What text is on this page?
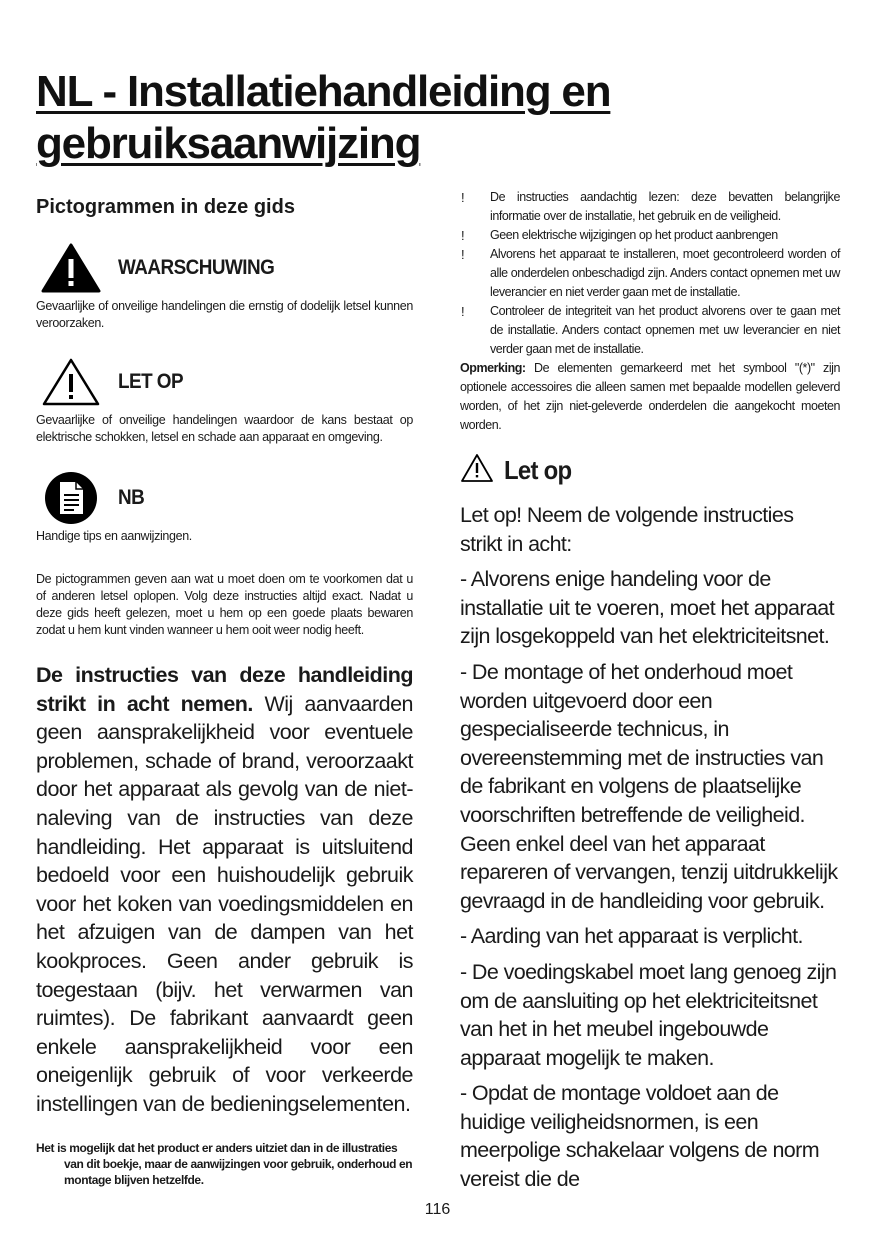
NL - Installatiehandleiding en gebruiksaanwijzing
Pictogrammen in deze gids
WAARSCHUWING

Gevaarlijke of onveilige handelingen die ernstig of dodelijk letsel kunnen veroorzaken.

LET OP

Gevaarlijke of onveilige handelingen waardoor de kans bestaat op elektrische schokken, letsel en schade aan apparaat en omgeving.

NB

Handige tips en aanwijzingen.

De pictogrammen geven aan wat u moet doen om te voorkomen dat u of anderen letsel oplopen. Volg deze instructies altijd exact. Nadat u deze gids heeft gelezen, moet u hem op een goede plaats bewaren zodat u hem kunt vinden wanneer u hem ooit weer nodig heeft.

De instructies van deze handleiding strikt in acht nemen. Wij aanvaarden geen aansprakelijkheid voor eventuele problemen, schade of brand, veroorzaakt door het apparaat als gevolg van de niet-naleving van de instructies van deze handleiding. Het apparaat is uitsluitend bedoeld voor een huishoudelijk gebruik voor het koken van voedingsmiddelen en het afzuigen van de dampen van het kookproces. Geen ander gebruik is toegestaan (bijv. het verwarmen van ruimtes). De fabrikant aanvaardt geen enkele aansprakelijkheid voor een oneigenlijk gebruik of voor verkeerde instellingen van de bedieningselementen.

Het is mogelijk dat het product er anders uitziet dan in de illustraties van dit boekje, maar de aanwijzingen voor gebruik, onderhoud en montage blijven hetzelfde.

! De instructies aandachtig lezen: deze bevatten belangrijke informatie over de installatie, het gebruik en de veiligheid.
! Geen elektrische wijzigingen op het product aanbrengen
! Alvorens het apparaat te installeren, moet gecontroleerd worden of alle onderdelen onbeschadigd zijn. Anders contact opnemen met uw leverancier en niet verder gaan met de installatie.
! Controleer de integriteit van het product alvorens over te gaan met de installatie. Anders contact opnemen met uw leverancier en niet verder gaan met de installatie.

Opmerking: De elementen gemarkeerd met het symbool "(*)" zijn optionele accessoires die alleen samen met bepaalde modellen geleverd worden, of het zijn niet-geleverde onderdelen die aangekocht moeten worden.

Let op

Let op! Neem de volgende instructies strikt in acht:

- Alvorens enige handeling voor de installatie uit te voeren, moet het apparaat zijn losgekoppeld van het elektriciteitsnet.

- De montage of het onderhoud moet worden uitgevoerd door een gespecialiseerde technicus, in overeenstemming met de instructies van de fabrikant en volgens de plaatselijke voorschriften betreffende de veiligheid. Geen enkel deel van het apparaat repareren of vervangen, tenzij uitdrukkelijk gevraagd in de handleiding voor gebruik.

- Aarding van het apparaat is verplicht.

- De voedingskabel moet lang genoeg zijn om de aansluiting op het elektriciteitsnet van het in het meubel ingebouwde apparaat mogelijk te maken.

- Opdat de montage voldoet aan de huidige veiligheidsnormen, is een meerpolige schakelaar volgens de norm vereist die de

116
